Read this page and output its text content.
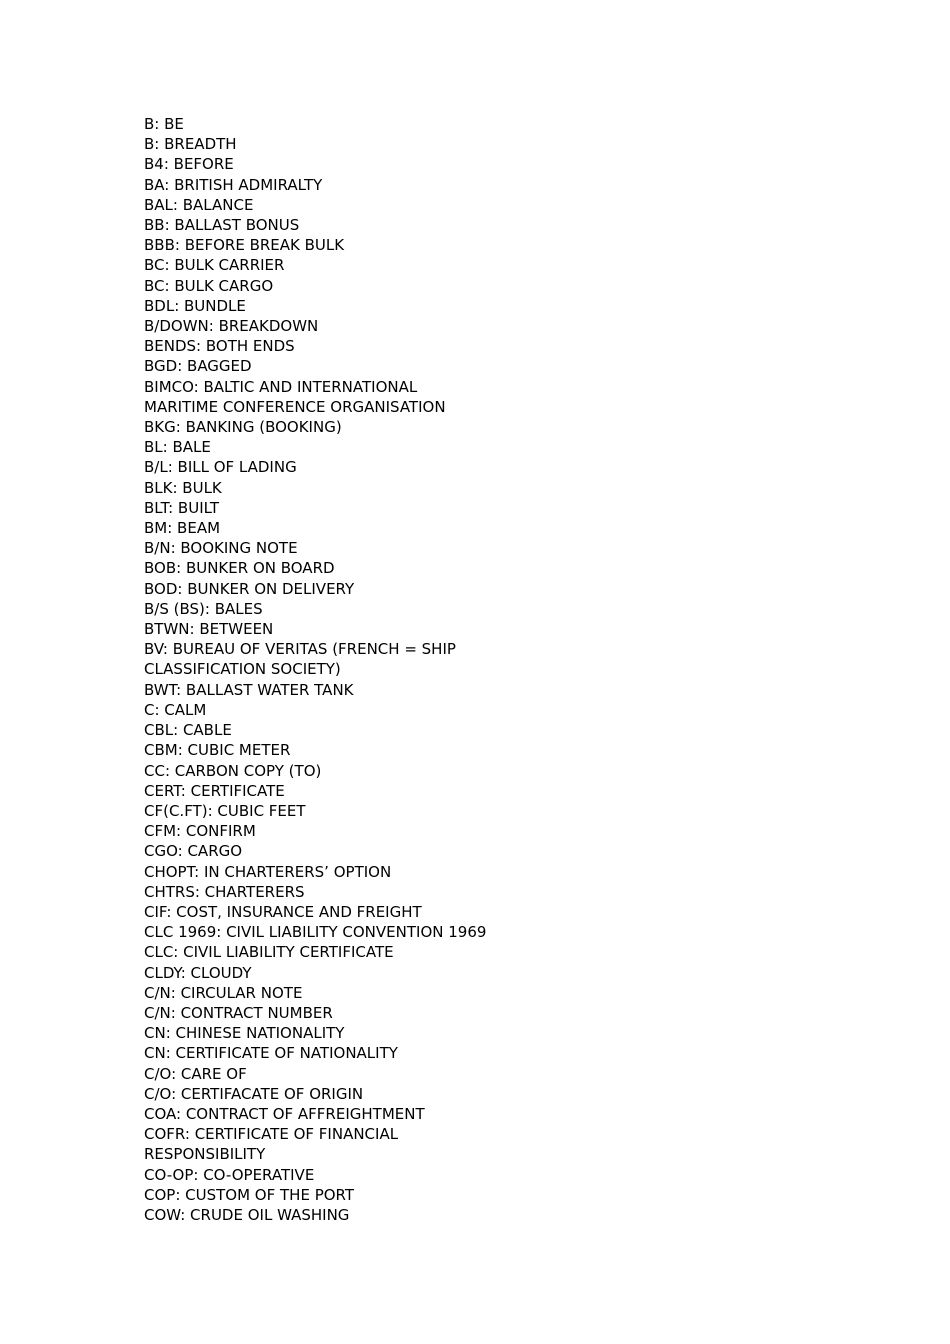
B: BE
B: BREADTH
B4: BEFORE
BA: BRITISH ADMIRALTY
BAL: BALANCE
BB: BALLAST BONUS
BBB: BEFORE BREAK BULK
BC: BULK CARRIER
BC: BULK CARGO
BDL: BUNDLE
B/DOWN: BREAKDOWN
BENDS: BOTH ENDS
BGD: BAGGED
BIMCO: BALTIC AND INTERNATIONAL
MARITIME CONFERENCE ORGANISATION
BKG: BANKING (BOOKING)
BL: BALE
B/L: BILL OF LADING
BLK: BULK
BLT: BUILT
BM: BEAM
B/N: BOOKING NOTE
BOB: BUNKER ON BOARD
BOD: BUNKER ON DELIVERY
B/S (BS): BALES
BTWN: BETWEEN
BV: BUREAU OF VERITAS (FRENCH = SHIP
CLASSIFICATION SOCIETY)
BWT: BALLAST WATER TANK
C: CALM
CBL: CABLE
CBM: CUBIC METER
CC: CARBON COPY (TO)
CERT: CERTIFICATE
CF(C.FT): CUBIC FEET
CFM: CONFIRM
CGO: CARGO
CHOPT: IN CHARTERERS’ OPTION
CHTRS: CHARTERERS
CIF: COST, INSURANCE AND FREIGHT
CLC 1969: CIVIL LIABILITY CONVENTION 1969
CLC: CIVIL LIABILITY CERTIFICATE
CLDY: CLOUDY
C/N: CIRCULAR NOTE
C/N: CONTRACT NUMBER
CN: CHINESE NATIONALITY
CN: CERTIFICATE OF NATIONALITY
C/O: CARE OF
C/O: CERTIFACATE OF ORIGIN
COA: CONTRACT OF AFFREIGHTMENT
COFR: CERTIFICATE OF FINANCIAL
RESPONSIBILITY
CO-OP: CO-OPERATIVE
COP: CUSTOM OF THE PORT
COW: CRUDE OIL WASHING
